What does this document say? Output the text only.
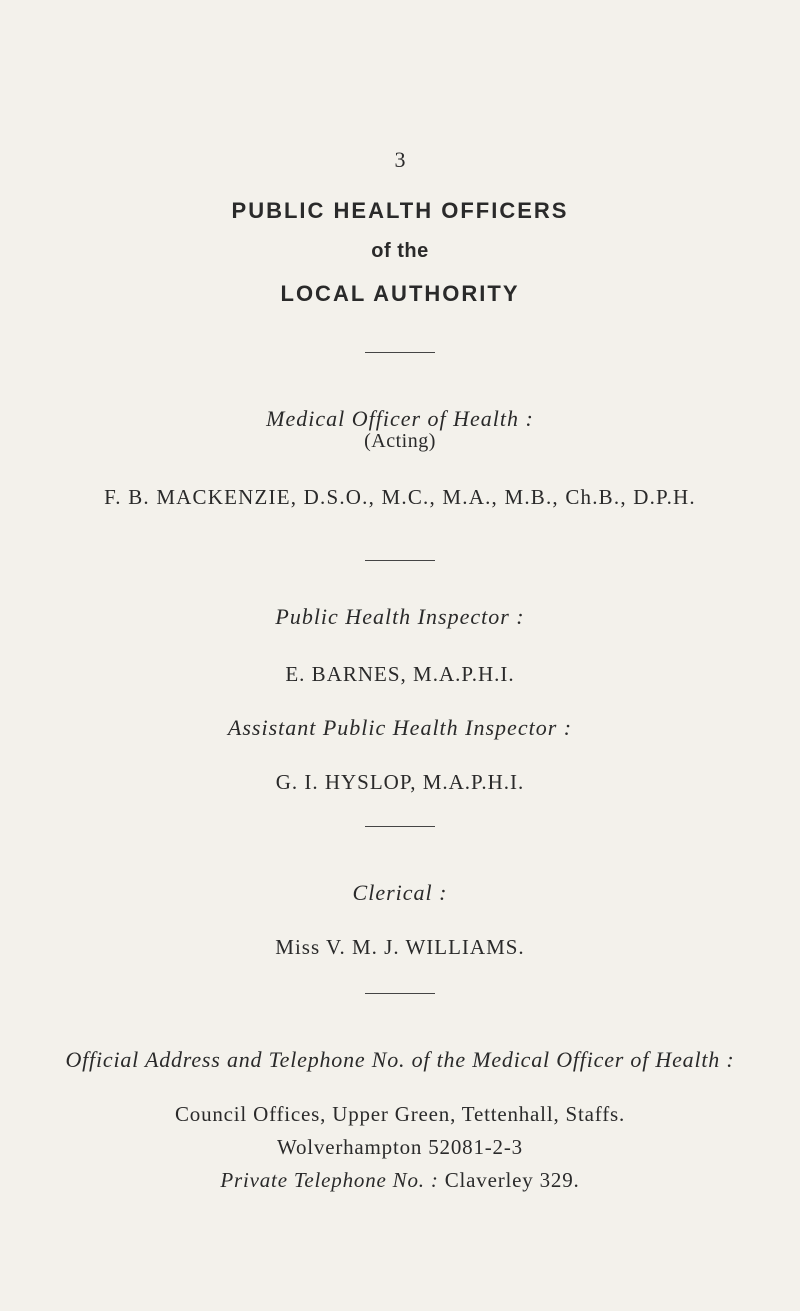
3
PUBLIC HEALTH OFFICERS
of the
LOCAL AUTHORITY
Medical Officer of Health :
(Acting)
F. B. MACKENZIE, D.S.O., M.C., M.A., M.B., Ch.B., D.P.H.
Public Health Inspector :
E. BARNES, M.A.P.H.I.
Assistant Public Health Inspector :
G. I. HYSLOP, M.A.P.H.I.
Clerical :
Miss V. M. J. WILLIAMS.
Official Address and Telephone No. of the Medical Officer of Health :
Council Offices, Upper Green, Tettenhall, Staffs.
Wolverhampton 52081-2-3
Private Telephone No. : Claverley 329.
